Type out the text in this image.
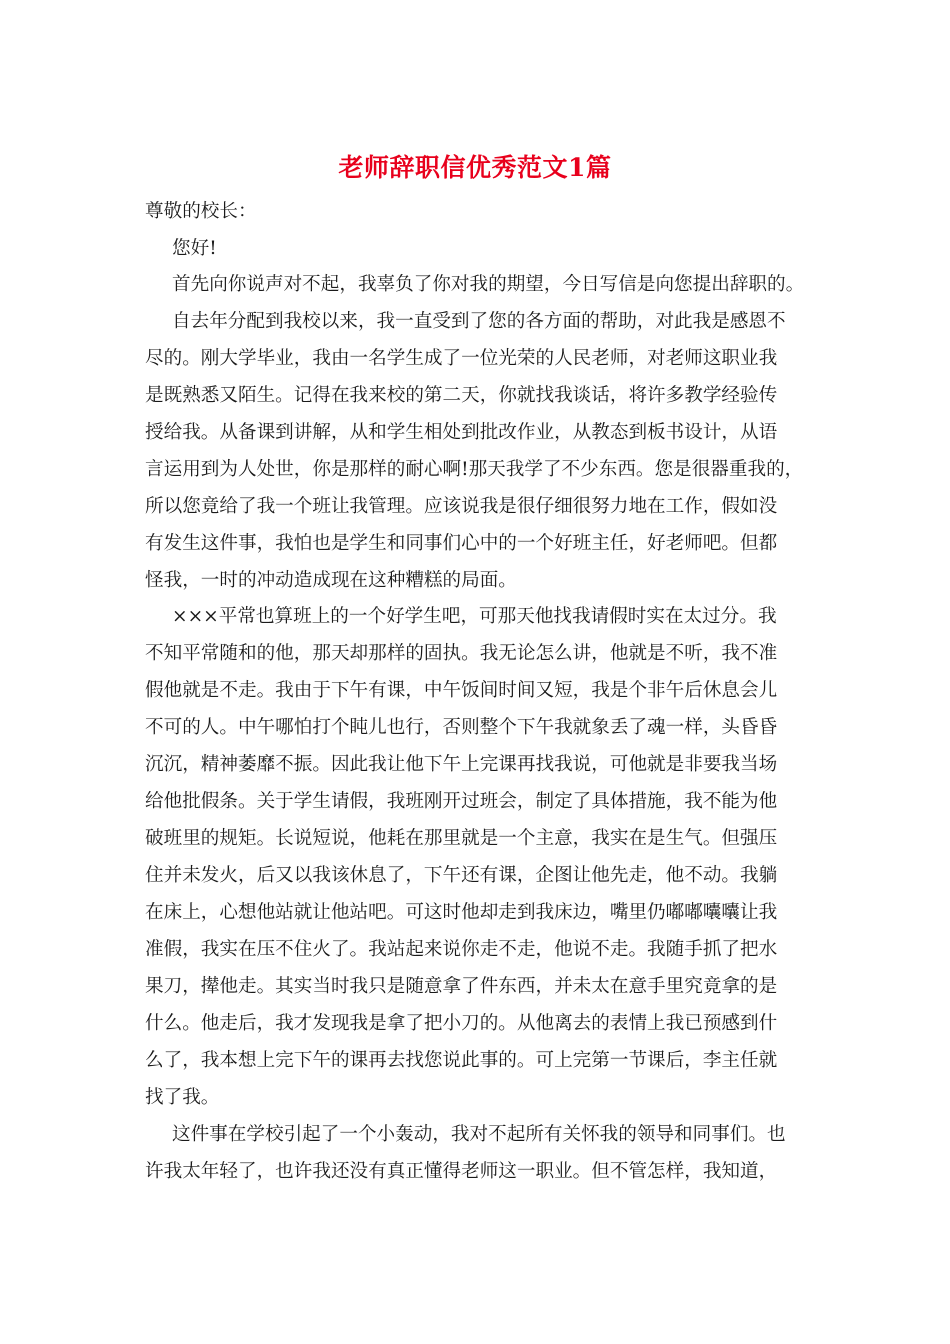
老师辞职信优秀范文1篇
尊敬的校长：
您好!
首先向你说声对不起，我辜负了你对我的期望，今日写信是向您提出辞职的。
自去年分配到我校以来，我一直受到了您的各方面的帮助，对此我是感恩不
尽的。刚大学毕业，我由一名学生成了一位光荣的人民老师，对老师这职业我
是既熟悉又陌生。记得在我来校的第二天，你就找我谈话，将许多教学经验传
授给我。从备课到讲解，从和学生相处到批改作业，从教态到板书设计，从语
言运用到为人处世，你是那样的耐心啊!那天我学了不少东西。您是很器重我的，
所以您竟给了我一个班让我管理。应该说我是很仔细很努力地在工作，假如没
有发生这件事，我怕也是学生和同事们心中的一个好班主任，好老师吧。但都
怪我，一时的冲动造成现在这种糟糕的局面。
×××平常也算班上的一个好学生吧，可那天他找我请假时实在太过分。我
不知平常随和的他，那天却那样的固执。我无论怎么讲，他就是不听，我不准
假他就是不走。我由于下午有课，中午饭间时间又短，我是个非午后休息会儿
不可的人。中午哪怕打个盹儿也行，否则整个下午我就象丢了魂一样，头昏昏
沉沉，精神萎靡不振。因此我让他下午上完课再找我说，可他就是非要我当场
给他批假条。关于学生请假，我班刚开过班会，制定了具体措施，我不能为他
破班里的规矩。长说短说，他耗在那里就是一个主意，我实在是生气。但强压
住并未发火，后又以我该休息了，下午还有课，企图让他先走，他不动。我躺
在床上，心想他站就让他站吧。可这时他却走到我床边，嘴里仍嘟嘟囔囔让我
准假，我实在压不住火了。我站起来说你走不走，他说不走。我随手抓了把水
果刀，撵他走。其实当时我只是随意拿了件东西，并未太在意手里究竟拿的是
什么。他走后，我才发现我是拿了把小刀的。从他离去的表情上我已预感到什
么了，我本想上完下午的课再去找您说此事的。可上完第一节课后，李主任就
找了我。
这件事在学校引起了一个小轰动，我对不起所有关怀我的领导和同事们。也
许我太年轻了，也许我还没有真正懂得老师这一职业。但不管怎样，我知道，
